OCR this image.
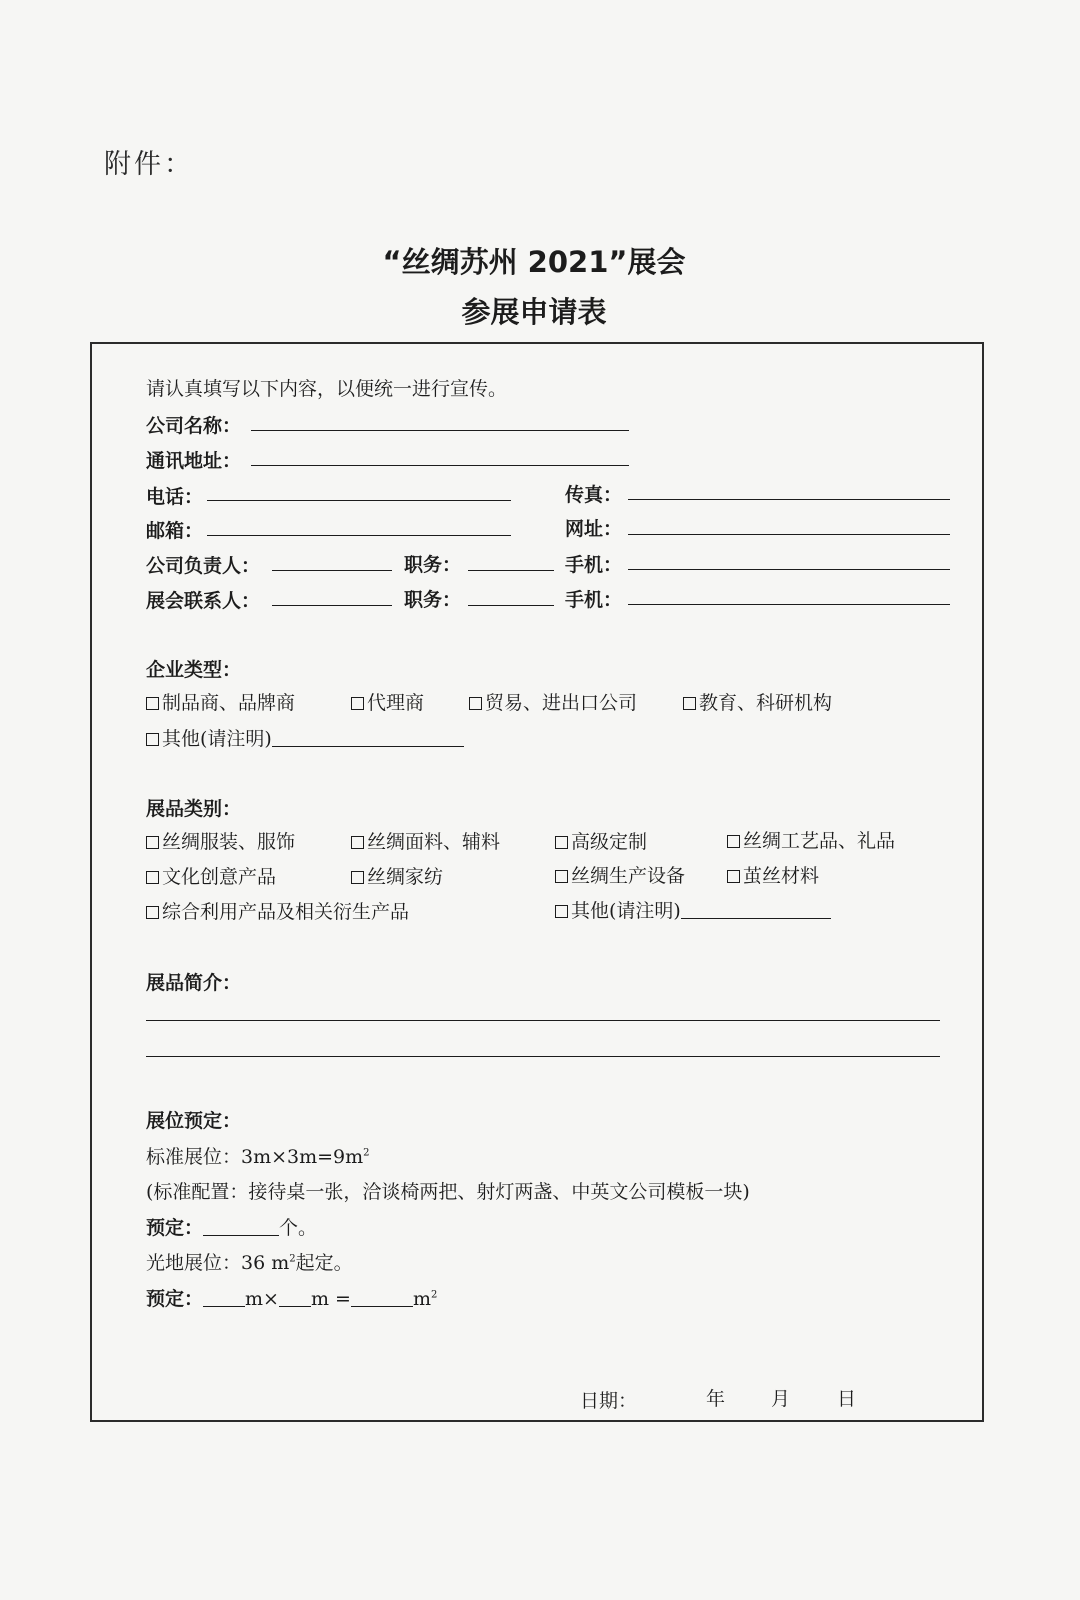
附件：
“丝绸苏州 2021”展会
参展申请表
请认真填写以下内容，以便统一进行宣传。
公司名称：
通讯地址：
电话：	传真：
邮箱：	网址：
公司负责人：	职务：	手机：
展会联系人：	职务：	手机：
企业类型：
制品商、品牌商	代理商	贸易、进出口公司	教育、科研机构
其他(请注明)
展品类别：
丝绸服装、服饰	丝绸面料、辅料	高级定制	丝绸工艺品、礼品
文化创意产品	丝绸家纺	丝绸生产设备	茧丝材料
综合利用产品及相关衍生产品	其他(请注明)
展品简介：
展位预定：
标准展位：$3m\times 3m=9m^2$
(标准配置：接待桌一张，洽谈椅两把、射灯两盏、中英文公司模板一块)
预定：	个。
光地展位：36 $m^2$起定。
预定： m× m =	$m^2$
日期：	年 月 日
